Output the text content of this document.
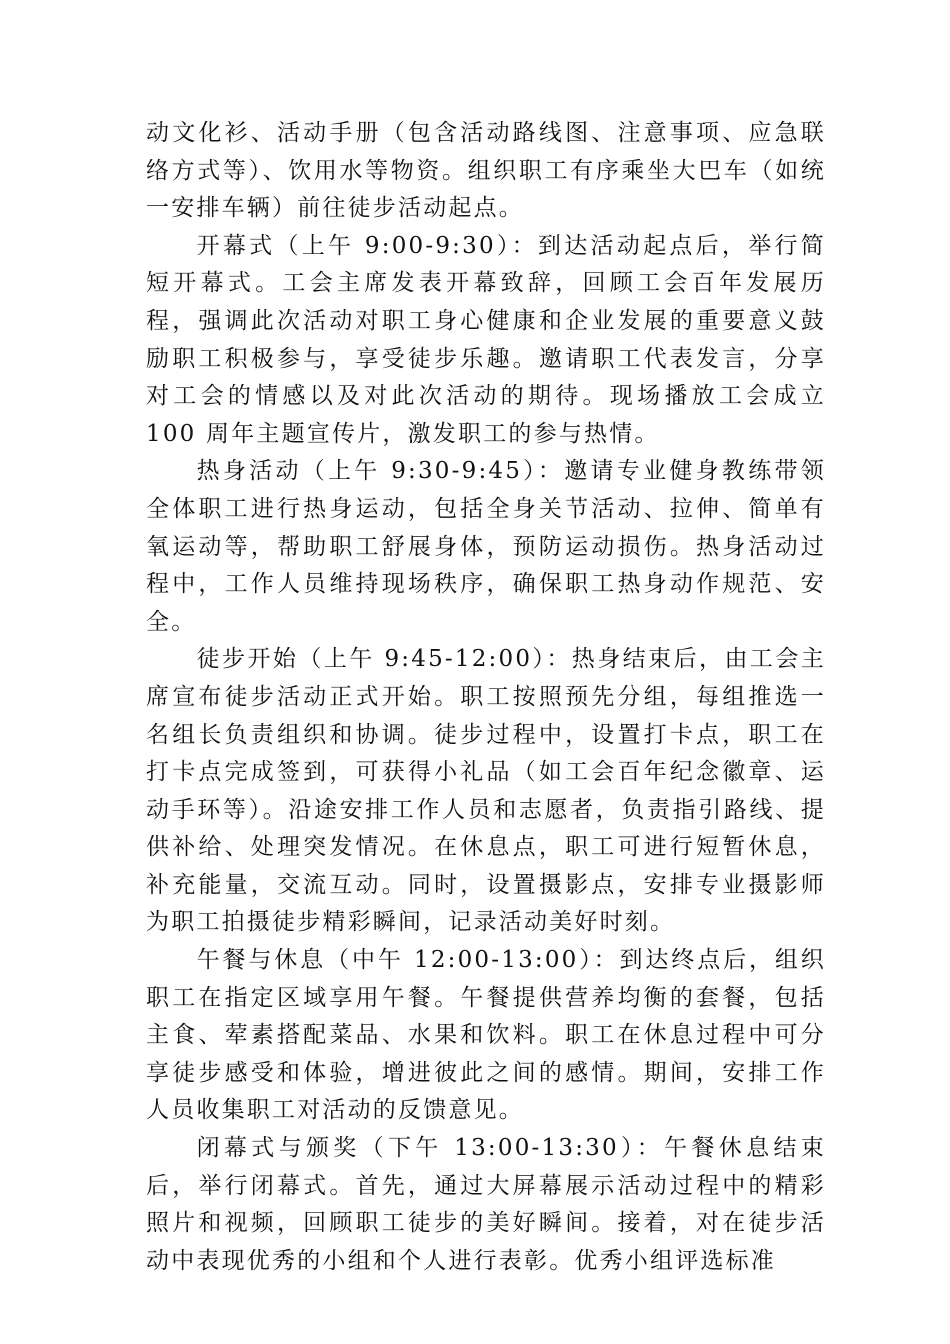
动文化衫、活动手册（包含活动路线图、注意事项、应急联络方式等）、饮用水等物资。组织职工有序乘坐大巴车（如统一安排车辆）前往徒步活动起点。

开幕式（上午 9:00-9:30）：到达活动起点后，举行简短开幕式。工会主席发表开幕致辞，回顾工会百年发展历程，强调此次活动对职工身心健康和企业发展的重要意义鼓励职工积极参与，享受徒步乐趣。邀请职工代表发言，分享对工会的情感以及对此次活动的期待。现场播放工会成立 100 周年主题宣传片，激发职工的参与热情。

热身活动（上午 9:30-9:45）：邀请专业健身教练带领全体职工进行热身运动，包括全身关节活动、拉伸、简单有氧运动等，帮助职工舒展身体，预防运动损伤。热身活动过程中，工作人员维持现场秩序，确保职工热身动作规范、安全。

徒步开始（上午 9:45-12:00）：热身结束后，由工会主席宣布徒步活动正式开始。职工按照预先分组，每组推选一名组长负责组织和协调。徒步过程中，设置打卡点，职工在打卡点完成签到，可获得小礼品（如工会百年纪念徽章、运动手环等）。沿途安排工作人员和志愿者，负责指引路线、提供补给、处理突发情况。在休息点，职工可进行短暂休息，补充能量，交流互动。同时，设置摄影点，安排专业摄影师为职工拍摄徒步精彩瞬间，记录活动美好时刻。

午餐与休息（中午 12:00-13:00）：到达终点后，组织职工在指定区域享用午餐。午餐提供营养均衡的套餐，包括主食、荤素搭配菜品、水果和饮料。职工在休息过程中可分享徒步感受和体验，增进彼此之间的感情。期间，安排工作人员收集职工对活动的反馈意见。

闭幕式与颁奖（下午 13:00-13:30）：午餐休息结束后，举行闭幕式。首先，通过大屏幕展示活动过程中的精彩照片和视频，回顾职工徒步的美好瞬间。接着，对在徒步活动中表现优秀的小组和个人进行表彰。优秀小组评选标准
